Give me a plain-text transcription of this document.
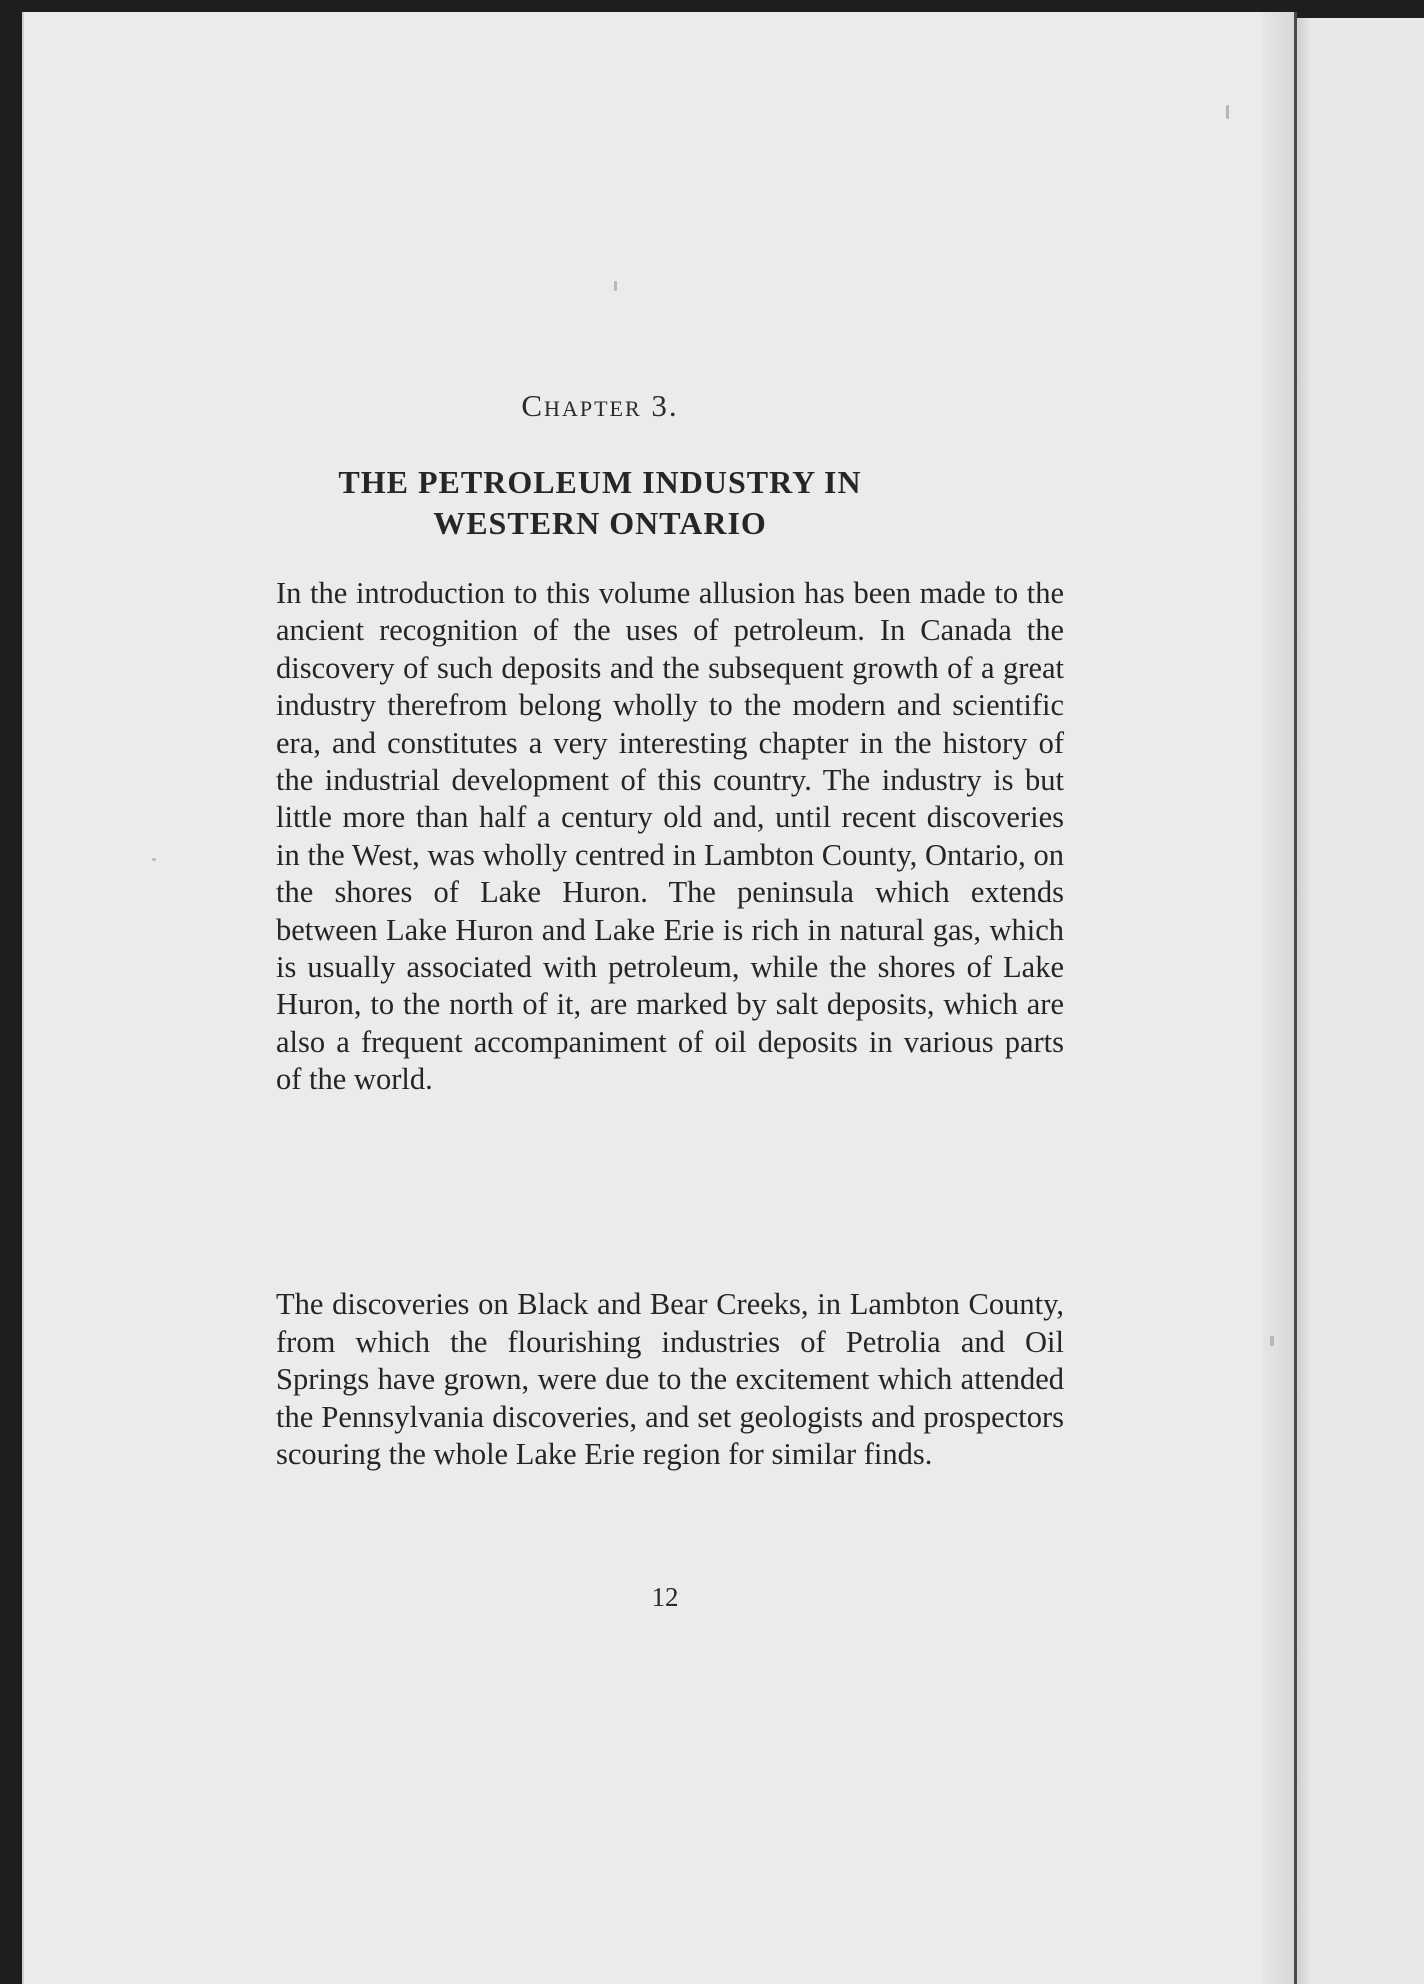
Chapter 3.
THE PETROLEUM INDUSTRY IN
WESTERN ONTARIO
In the introduction to this volume allusion has been made to the ancient recognition of the uses of petroleum. In Canada the discovery of such deposits and the subsequent growth of a great industry therefrom belong wholly to the modern and scientific era, and constitutes a very interesting chapter in the history of the industrial development of this country. The industry is but little more than half a century old and, until recent discoveries in the West, was wholly centred in Lambton County, Ontario, on the shores of Lake Huron. The peninsula which extends between Lake Huron and Lake Erie is rich in natural gas, which is usually associated with petroleum, while the shores of Lake Huron, to the north of it, are marked by salt deposits, which are also a frequent accompaniment of oil deposits in various parts of the world.
The discoveries on Black and Bear Creeks, in Lambton County, from which the flourishing industries of Petrolia and Oil Springs have grown, were due to the excitement which attended the Pennsylvania discoveries, and set geologists and prospectors scouring the whole Lake Erie region for similar finds.
12
